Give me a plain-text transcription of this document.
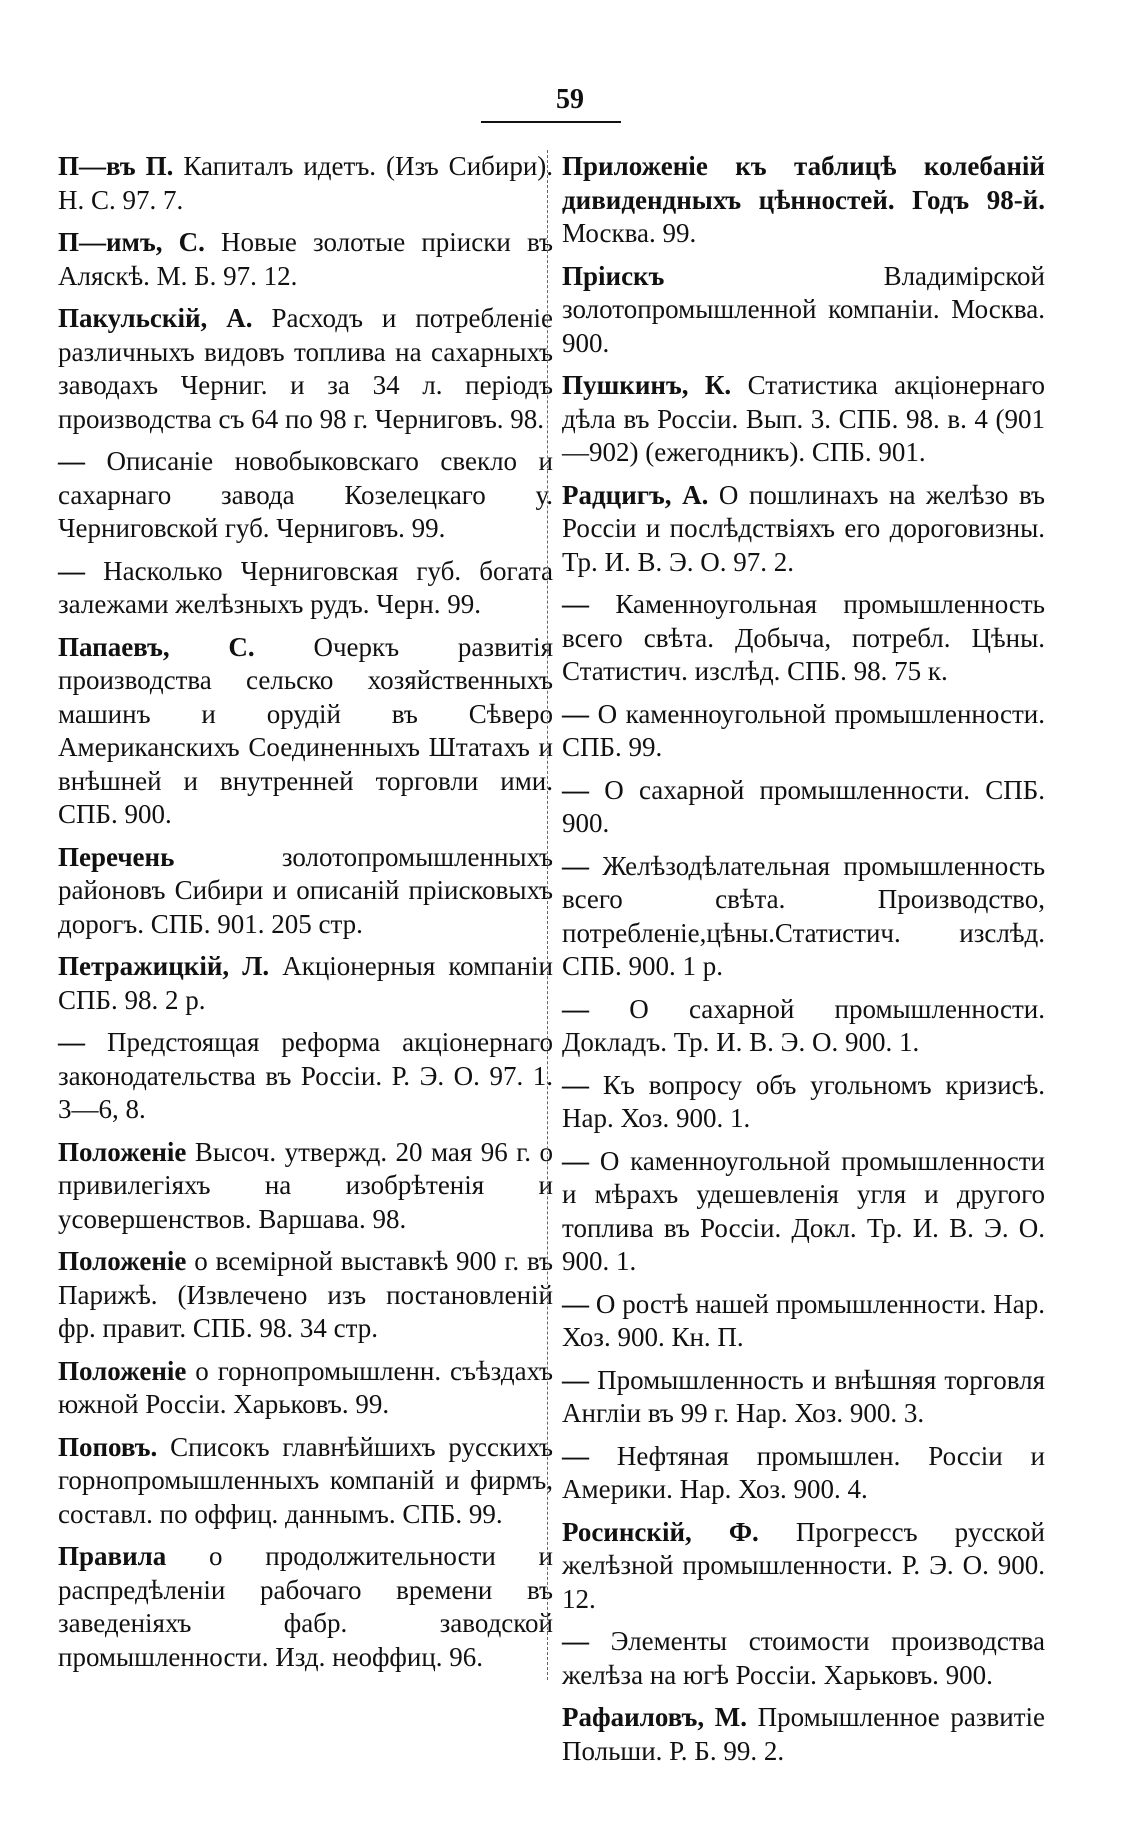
59

П—въ П. Капиталъ идетъ. (Изъ Сибири). Н. С. 97. 7.

П—имъ, С. Новые золотые пріиски въ Аляскѣ. М. Б. 97. 12.

Пакульскій, А. Расходъ и потребленіе различныхъ видовъ топлива на сахарныхъ заводахъ Черниг. и за 34 л. періодъ производства съ 64 по 98 г. Черниговъ. 98.

— Описаніе новобыковскаго свекло и сахарнаго завода Козелецкаго у. Черниговской губ. Черниговъ. 99.

— Насколько Черниговская губ. богата залежами желѣзныхъ рудъ. Черн. 99.

Папаевъ, С. Очеркъ развитія производства сельско хозяйственныхъ машинъ и орудій въ Сѣверо Американскихъ Соединенныхъ Штатахъ и внѣшней и внутренней торговли ими. СПБ. 900.

Перечень	золотопромышленныхъ районовъ Сибири и описаній пріисковыхъ дорогъ. СПБ. 901. 205 стр.

Петражицкій, Л. Акціонерныя компаніи СПБ. 98. 2 р.

— Предстоящая реформа акціонернаго законодательства въ Россіи. Р. Э. О. 97. 1. 3—6, 8.

Положеніе Высоч. утвержд. 20 мая 96 г. о привилегіяхъ на изобрѣтенія и усовершенствов. Варшава. 98.

Положеніе о всемірной выставкѣ 900 г. въ Парижѣ. (Извлечено изъ постановленій фр. правит. СПБ. 98. 34 стр.

Положеніе о горнопромышленн. съѣздахъ южной Россіи. Харьковъ. 99.

Поповъ. Списокъ главнѣйшихъ русскихъ горнопромышленныхъ компаній и фирмъ, составл. по оффиц. даннымъ. СПБ. 99.

Правила о продолжительности и распредѣленіи рабочаго времени въ заведеніяхъ фабр. заводской промышленности. Изд. неоффиц. 96.

Приложеніе къ таблицѣ колебаній дивидендныхъ цѣнностей. Годъ 98-й. Москва. 99.

Пріискъ	Владимірской золотопромышленной компаніи. Москва. 900.

Пушкинъ, К. Статистика акціонернаго дѣла въ Россіи. Вып. 3. СПБ. 98. в. 4 (901—902) (ежегодникъ). СПБ. 901.

Радцигъ, А. О пошлинахъ на желѣзо въ Россіи и послѣдствіяхъ его дороговизны. Тр. И. В. Э. О. 97. 2.

— Каменноугольная промышленность всего свѣта. Добыча, потребл. Цѣны. Статистич. изслѣд. СПБ. 98. 75 к.

— О каменноугольной промышленности. СПБ. 99.

— О сахарной промышленности. СПБ. 900.

— Желѣзодѣлательная промышленность всего свѣта. Производство, потребленіе,цѣны.Статистич. изслѣд. СПБ. 900. 1 р.

— О сахарной промышленности. Докладъ. Тр. И. В. Э. О. 900. 1.

— Къ вопросу объ угольномъ кризисѣ. Нар. Хоз. 900. 1.

— О каменноугольной промышленности и мѣрахъ удешевленія угля и другого топлива въ Россіи. Докл. Тр. И. В. Э. О. 900. 1.

— О ростѣ нашей промышленности. Нар. Хоз. 900. Кн. П.

— Промышленность и внѣшняя торговля Англіи въ 99 г. Нар. Хоз. 900. 3.

— Нефтяная промышлен. Россіи и Америки. Нар. Хоз. 900. 4.

Росинскій, Ф. Прогрессъ русской желѣзной промышленности. Р. Э. О. 900. 12.

— Элементы стоимости производства желѣза на югѣ Россіи. Харьковъ. 900.

Рафаиловъ, М. Промышленное развитіе Польши. Р. Б. 99. 2.
